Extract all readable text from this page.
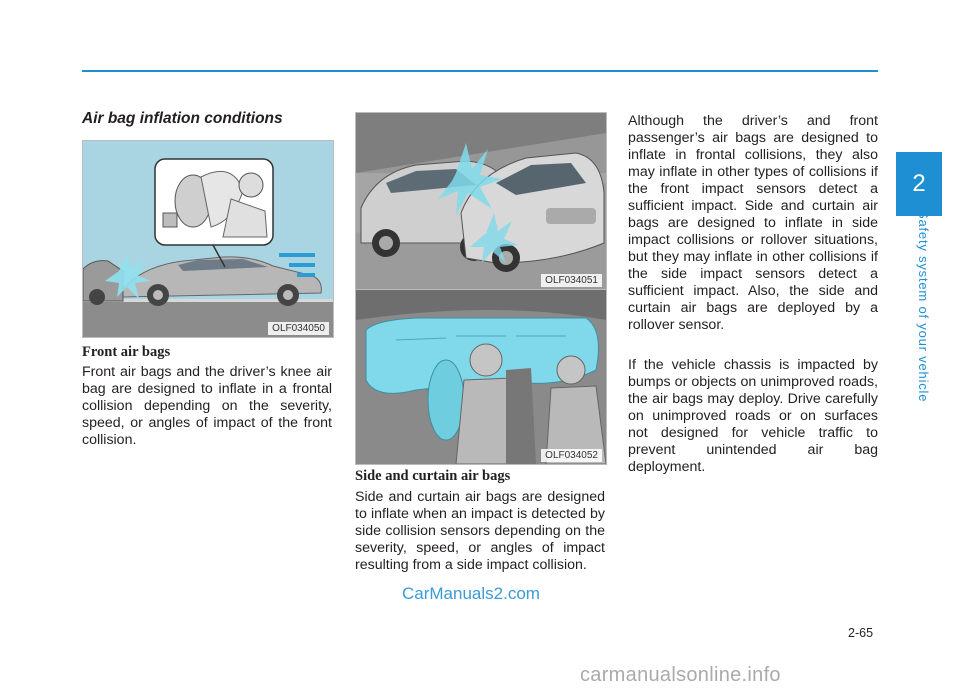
2
Safety system of your vehicle
Air bag inflation conditions
OLF034050
Front air bags

Front air bags and the driver’s knee air bag are designed to inflate in a frontal collision depending on the severity, speed, or angles of impact of the front collision.

OLF034051
OLF034052
Side and curtain air bags

Side and curtain air bags are designed to inflate when an impact is detected by side collision sensors depending on the severity, speed, or angles of impact resulting from a side impact collision.

Although the driver’s and front passenger’s air bags are designed to inflate in frontal collisions, they also may inflate in other types of collisions if the front impact sensors detect a sufficient impact. Side and curtain air bags are designed to inflate in side impact collisions or rollover situations, but they may inflate in other collisions if the side impact sensors detect a sufficient impact. Also, the side and curtain air bags are deployed by a rollover sensor.

If the vehicle chassis is impacted by bumps or objects on unimproved roads, the air bags may deploy. Drive carefully on unimproved roads or on surfaces not designed for vehicle traffic to prevent unintended air bag deployment.

CarManuals2.com
2-65
carmanualsonline.info
